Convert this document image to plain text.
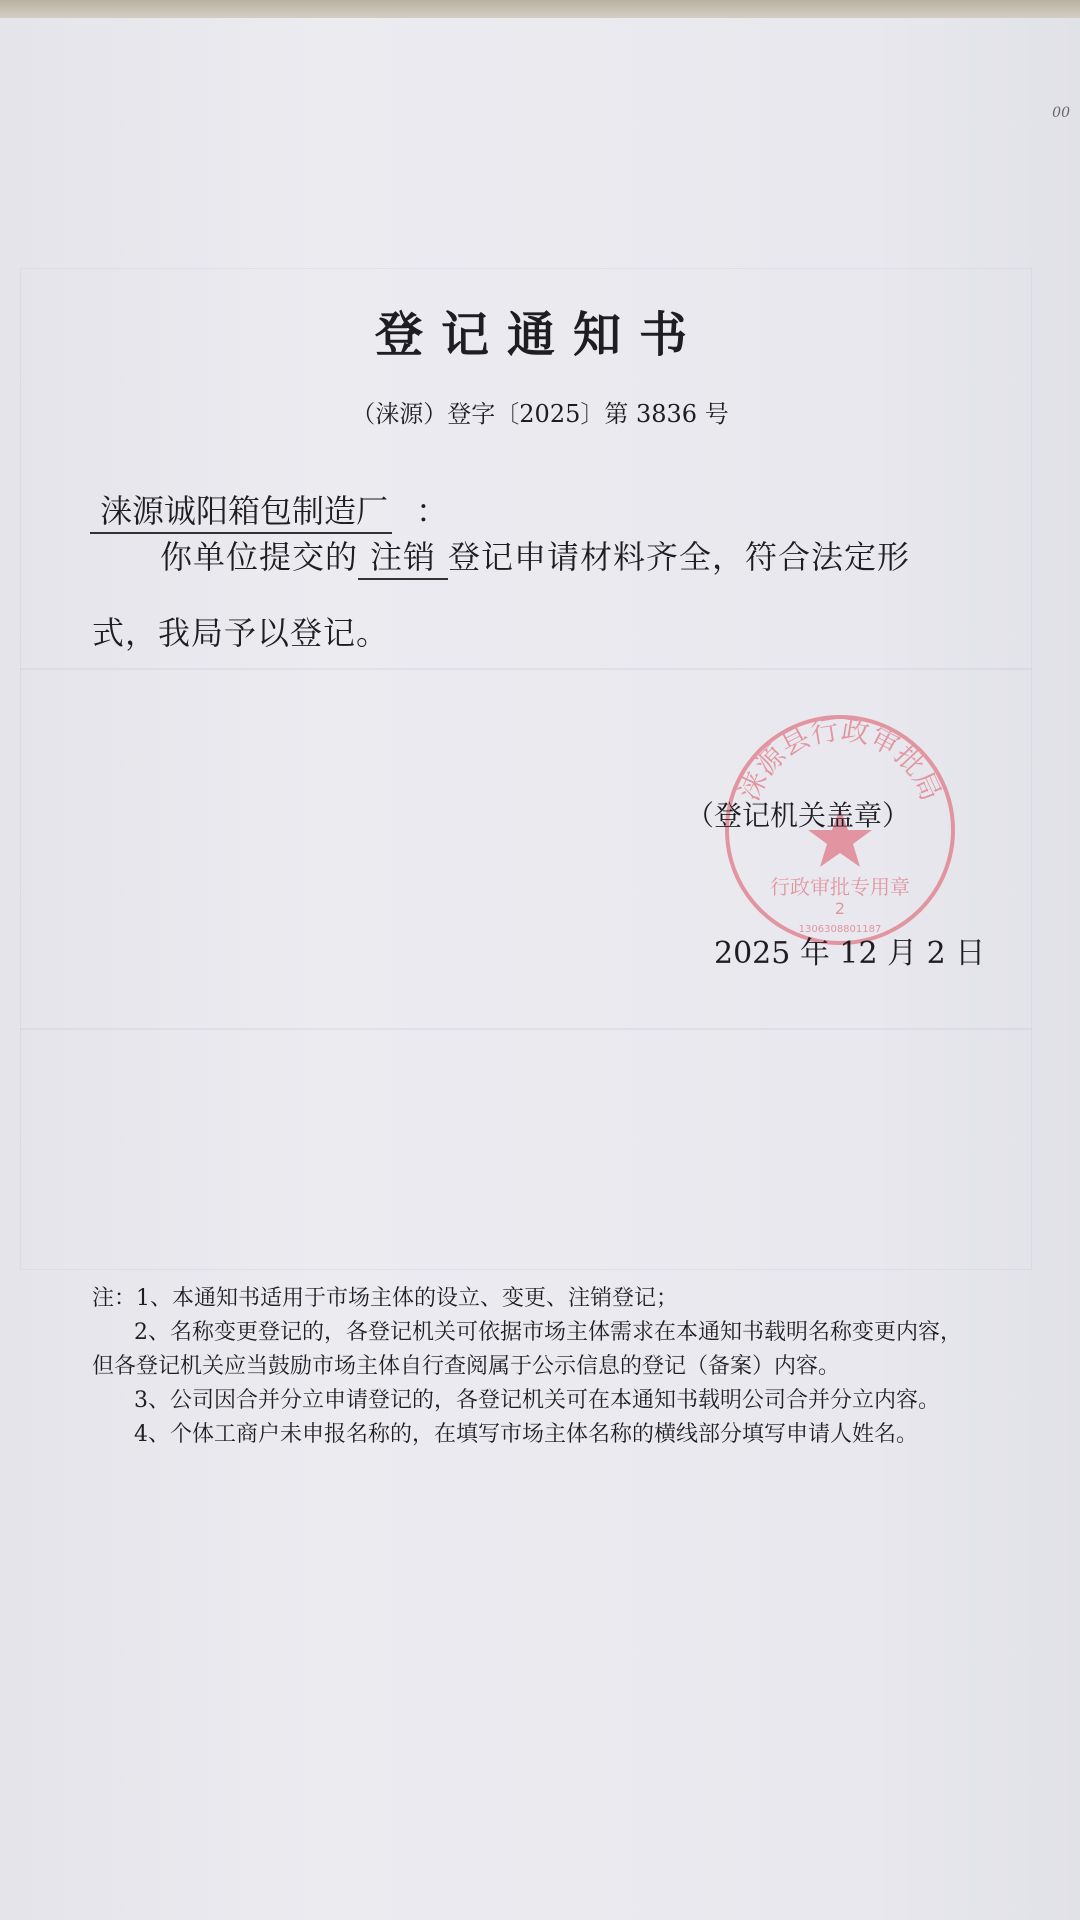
00
登记通知书
（涞源）登字〔2025〕第 3836 号
涞源诚阳箱包制造厂 ：
你单位提交的 注销 登记申请材料齐全，符合法定形
式，我局予以登记。
涞源县行政审批局
行政审批专用章
2
1306308801187
（登记机关盖章）
2025 年 12 月 2 日
注：1、本通知书适用于市场主体的设立、变更、注销登记；
2、名称变更登记的，各登记机关可依据市场主体需求在本通知书载明名称变更内容，
但各登记机关应当鼓励市场主体自行查阅属于公示信息的登记（备案）内容。
3、公司因合并分立申请登记的，各登记机关可在本通知书载明公司合并分立内容。
4、个体工商户未申报名称的，在填写市场主体名称的横线部分填写申请人姓名。
